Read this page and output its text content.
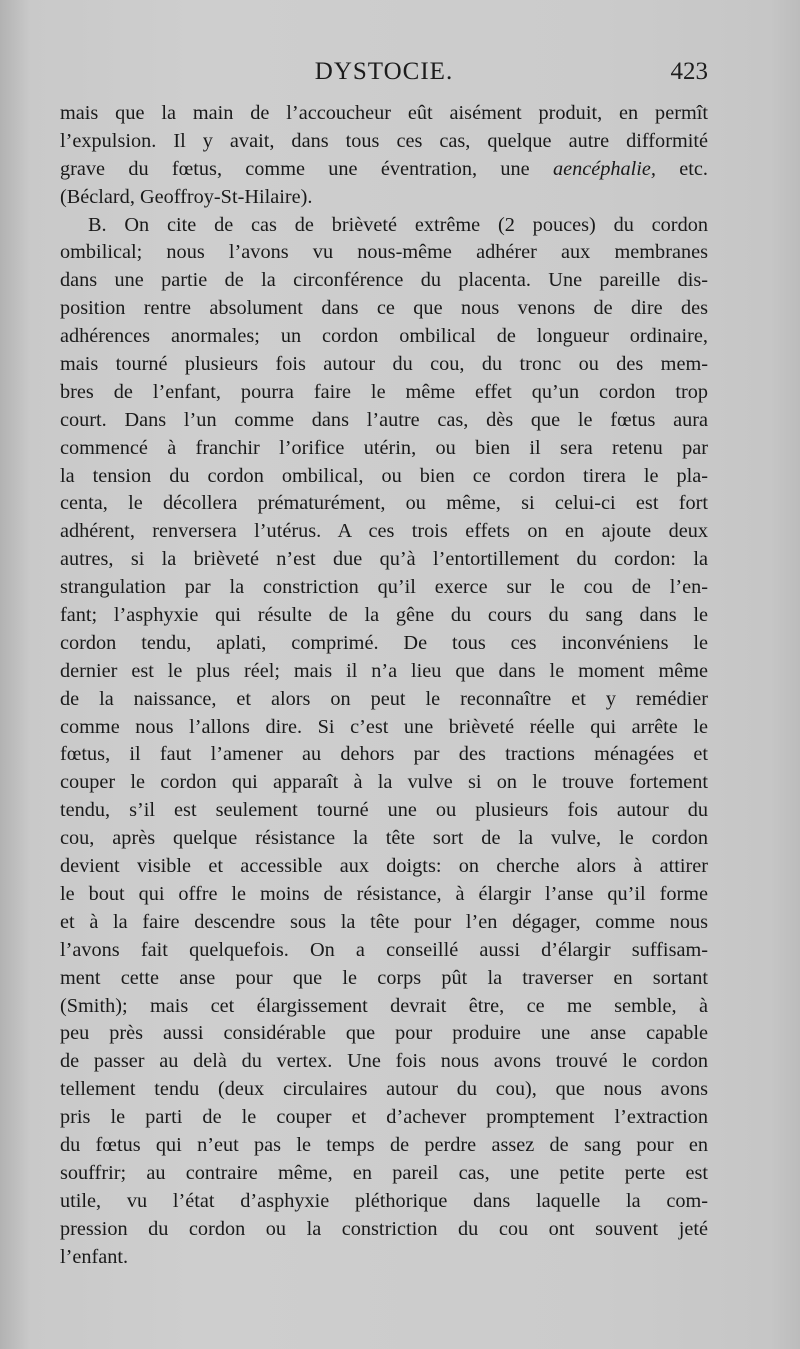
DYSTOCIE.	423
mais que la main de l’accoucheur eût aisément produit, en permît
l’expulsion. Il y avait, dans tous ces cas, quelque autre difformité
grave du fœtus, comme une éventration, une aencéphalie, etc.
(Béclard, Geoffroy-St-Hilaire).
B. On cite de cas de brièveté extrême (2 pouces) du cordon
ombilical; nous l’avons vu nous-même adhérer aux membranes
dans une partie de la circonférence du placenta. Une pareille dis-
position rentre absolument dans ce que nous venons de dire des
adhérences anormales; un cordon ombilical de longueur ordinaire,
mais tourné plusieurs fois autour du cou, du tronc ou des mem-
bres de l’enfant, pourra faire le même effet qu’un cordon trop
court. Dans l’un comme dans l’autre cas, dès que le fœtus aura
commencé à franchir l’orifice utérin, ou bien il sera retenu par
la tension du cordon ombilical, ou bien ce cordon tirera le pla-
centa, le décollera prématurément, ou même, si celui-ci est fort
adhérent, renversera l’utérus. A ces trois effets on en ajoute deux
autres, si la brièveté n’est due qu’à l’entortillement du cordon: la
strangulation par la constriction qu’il exerce sur le cou de l’en-
fant; l’asphyxie qui résulte de la gêne du cours du sang dans le
cordon tendu, aplati, comprimé. De tous ces inconvéniens le
dernier est le plus réel; mais il n’a lieu que dans le moment même
de la naissance, et alors on peut le reconnaître et y remédier
comme nous l’allons dire. Si c’est une brièveté réelle qui arrête le
fœtus, il faut l’amener au dehors par des tractions ménagées et
couper le cordon qui apparaît à la vulve si on le trouve fortement
tendu, s’il est seulement tourné une ou plusieurs fois autour du
cou, après quelque résistance la tête sort de la vulve, le cordon
devient visible et accessible aux doigts: on cherche alors à attirer
le bout qui offre le moins de résistance, à élargir l’anse qu’il forme
et à la faire descendre sous la tête pour l’en dégager, comme nous
l’avons fait quelquefois. On a conseillé aussi d’élargir suffisam-
ment cette anse pour que le corps pût la traverser en sortant
(Smith); mais cet élargissement devrait être, ce me semble, à
peu près aussi considérable que pour produire une anse capable
de passer au delà du vertex. Une fois nous avons trouvé le cordon
tellement tendu (deux circulaires autour du cou), que nous avons
pris le parti de le couper et d’achever promptement l’extraction
du fœtus qui n’eut pas le temps de perdre assez de sang pour en
souffrir; au contraire même, en pareil cas, une petite perte est
utile, vu l’état d’asphyxie pléthorique dans laquelle la com-
pression du cordon ou la constriction du cou ont souvent jeté
l’enfant.
